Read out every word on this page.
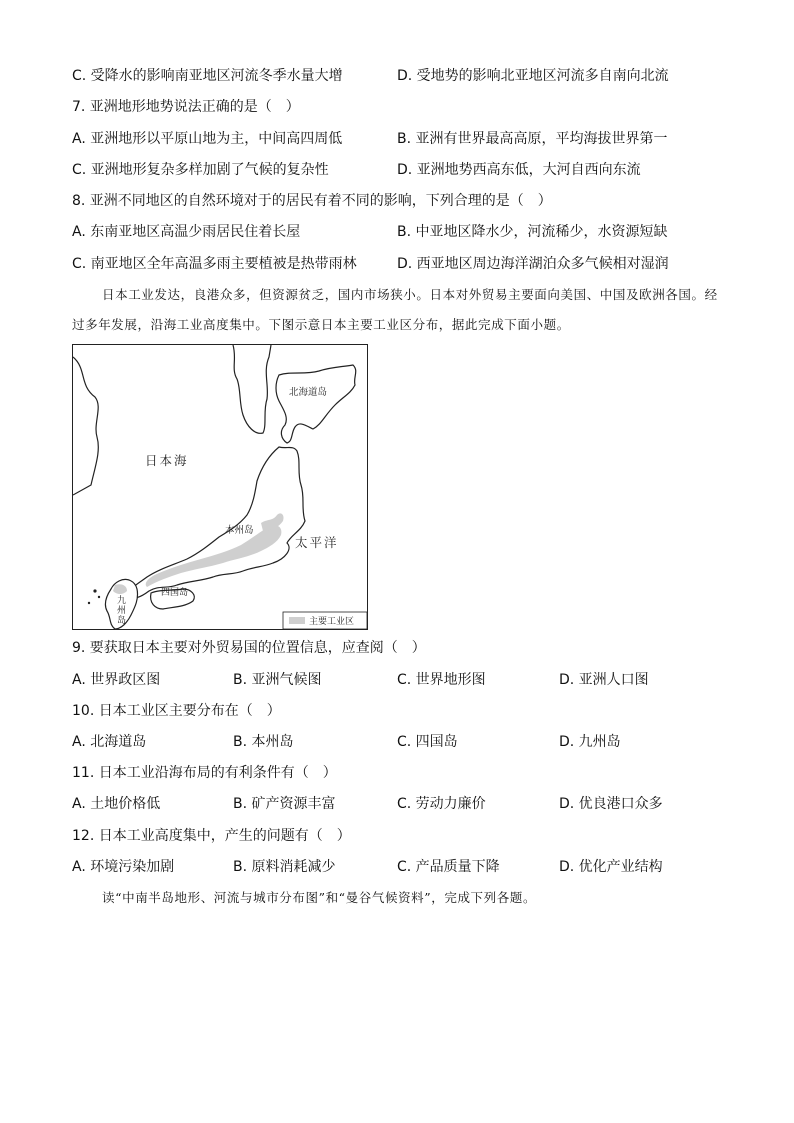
C. 受降水的影响南亚地区河流冬季水量大增	D. 受地势的影响北亚地区河流多自南向北流
7. 亚洲地形地势说法正确的是（　）
A. 亚洲地形以平原山地为主，中间高四周低	B. 亚洲有世界最高高原，平均海拔世界第一
C. 亚洲地形复杂多样加剧了气候的复杂性	D. 亚洲地势西高东低，大河自西向东流
8. 亚洲不同地区的自然环境对于的居民有着不同的影响，下列合理的是（　）
A. 东南亚地区高温少雨居民住着长屋	B. 中亚地区降水少，河流稀少，水资源短缺
C. 南亚地区全年高温多雨主要植被是热带雨林	D. 西亚地区周边海洋湖泊众多气候相对湿润
日本工业发达，良港众多，但资源贫乏，国内市场狭小。日本对外贸易主要面向美国、中国及欧洲各国。经过多年发展，沿海工业高度集中。下图示意日本主要工业区分布，据此完成下面小题。
北海道岛
日本海
本州岛
太平洋
四国岛
九
州
岛	主要工业区
9. 要获取日本主要对外贸易国的位置信息，应查阅（　）
A. 世界政区图	B. 亚洲气候图	C. 世界地形图	D. 亚洲人口图
10. 日本工业区主要分布在（　）
A. 北海道岛	B. 本州岛	C. 四国岛	D. 九州岛
11. 日本工业沿海布局的有利条件有（　）
A. 土地价格低	B. 矿产资源丰富	C. 劳动力廉价	D. 优良港口众多
12. 日本工业高度集中，产生的问题有（　）
A. 环境污染加剧	B. 原料消耗减少	C. 产品质量下降	D. 优化产业结构
读“中南半岛地形、河流与城市分布图”和“曼谷气候资料”，完成下列各题。
